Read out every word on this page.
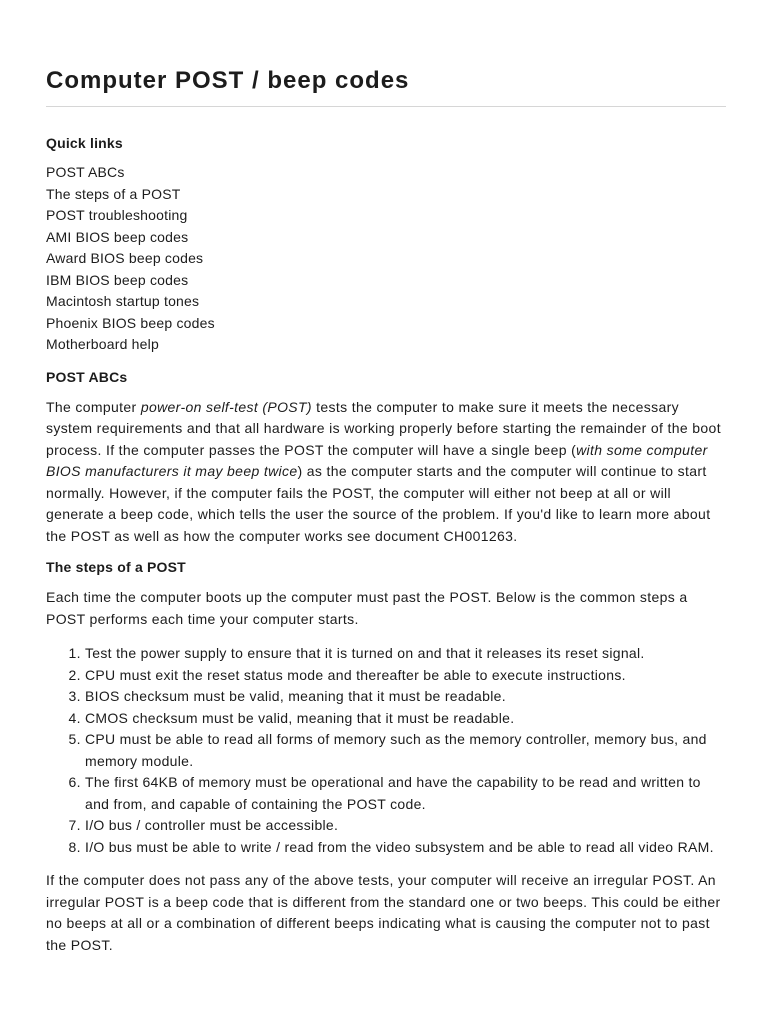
Computer POST / beep codes
Quick links
POST ABCs
The steps of a POST
POST troubleshooting
AMI BIOS beep codes
Award BIOS beep codes
IBM BIOS beep codes
Macintosh startup tones
Phoenix BIOS beep codes
Motherboard help
POST ABCs

The computer power-on self-test (POST) tests the computer to make sure it meets the necessary system requirements and that all hardware is working properly before starting the remainder of the boot process. If the computer passes the POST the computer will have a single beep (with some computer BIOS manufacturers it may beep twice) as the computer starts and the computer will continue to start normally. However, if the computer fails the POST, the computer will either not beep at all or will generate a beep code, which tells the user the source of the problem. If you'd like to learn more about the POST as well as how the computer works see document CH001263.

The steps of a POST

Each time the computer boots up the computer must past the POST. Below is the common steps a POST performs each time your computer starts.

1. Test the power supply to ensure that it is turned on and that it releases its reset signal.
2. CPU must exit the reset status mode and thereafter be able to execute instructions.
3. BIOS checksum must be valid, meaning that it must be readable.
4. CMOS checksum must be valid, meaning that it must be readable.
5. CPU must be able to read all forms of memory such as the memory controller, memory bus, and memory module.
6. The first 64KB of memory must be operational and have the capability to be read and written to and from, and capable of containing the POST code.
7. I/O bus / controller must be accessible.
8. I/O bus must be able to write / read from the video subsystem and be able to read all video RAM.

If the computer does not pass any of the above tests, your computer will receive an irregular POST. An irregular POST is a beep code that is different from the standard one or two beeps. This could be either no beeps at all or a combination of different beeps indicating what is causing the computer not to past the POST.
